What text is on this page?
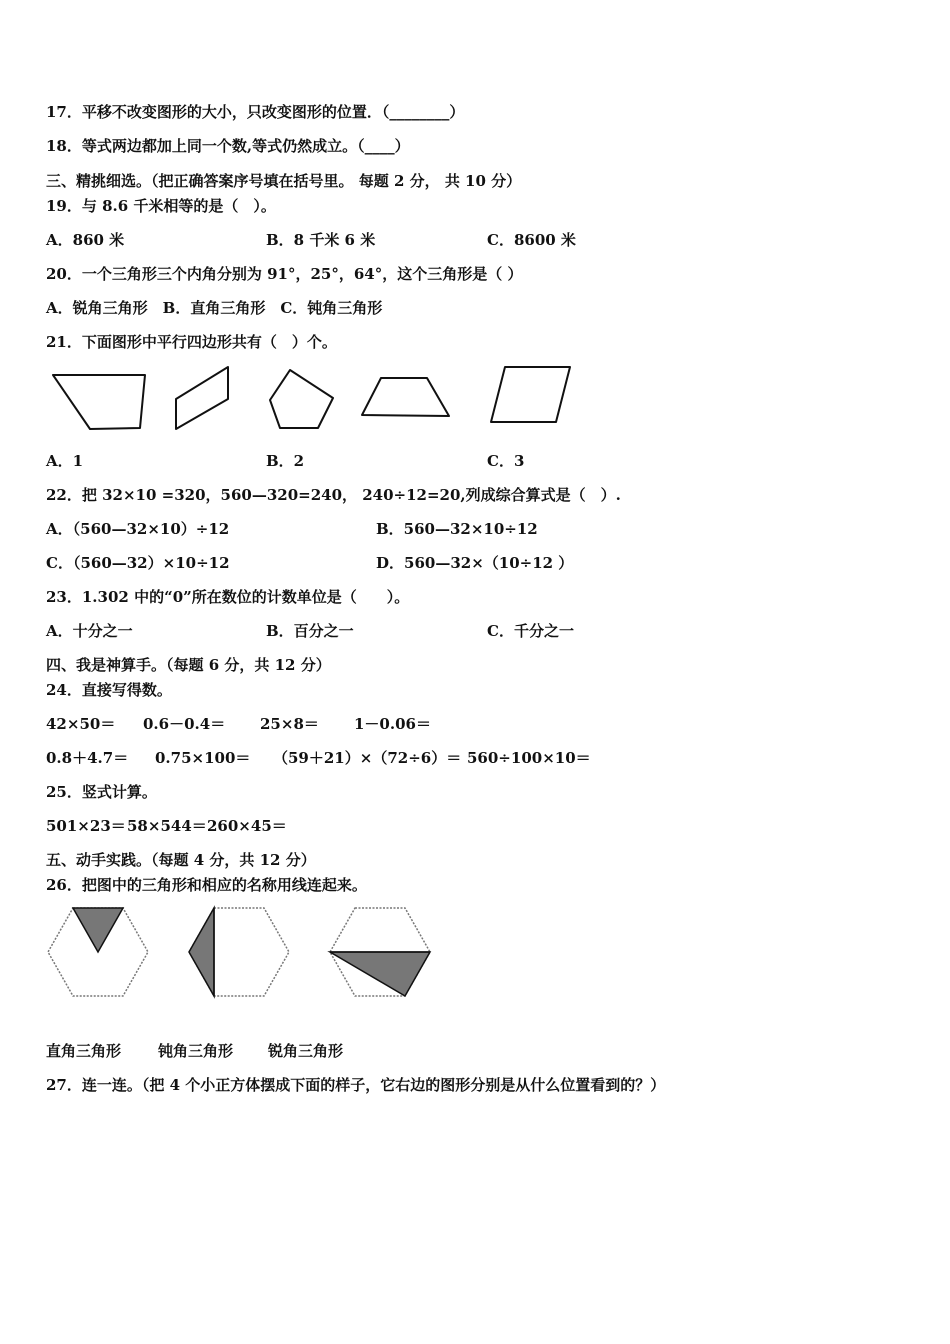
17．平移不改变图形的大小，只改变图形的位置．（________）
18．等式两边都加上同一个数,等式仍然成立。（____）
三、精挑细选。（把正确答案序号填在括号里。 每题 2 分， 共 10 分）
19．与 8.6 千米相等的是（　）。
A．860 米	B．8 千米 6 米	C．8600 米
20．一个三角形三个内角分别为 91°，25°，64°，这个三角形是（ ）
A．锐角三角形　B．直角三角形　C．钝角三角形
21．下面图形中平行四边形共有（　）个。
A．1	B．2	C．3
22．把 32×10 =320，560—320=240， 240÷12=20,列成综合算式是（　）.
A．（560—32×10）÷12	B．560—32×10÷12
C．（560—32）×10÷12	D．560—32×（10÷12 ）
23．1.302 中的“0”所在数位的计数单位是（　　）。
A．十分之一	B．百分之一	C．千分之一
四、我是神算手。（每题 6 分，共 12 分）
24．直接写得数。
42×50＝ 0.6－0.4＝ 25×8＝ 1－0.06＝
0.8＋4.7＝ 0.75×100＝ （59＋21）×（72÷6）＝ 560÷100×10＝
25．竖式计算。
501×23＝ 58×544＝ 260×45＝
五、动手实践。（每题 4 分，共 12 分）
26．把图中的三角形和相应的名称用线连起来。
直角三角形 钝角三角形 锐角三角形
27．连一连。（把 4 个小正方体摆成下面的样子，它右边的图形分别是从什么位置看到的？）
